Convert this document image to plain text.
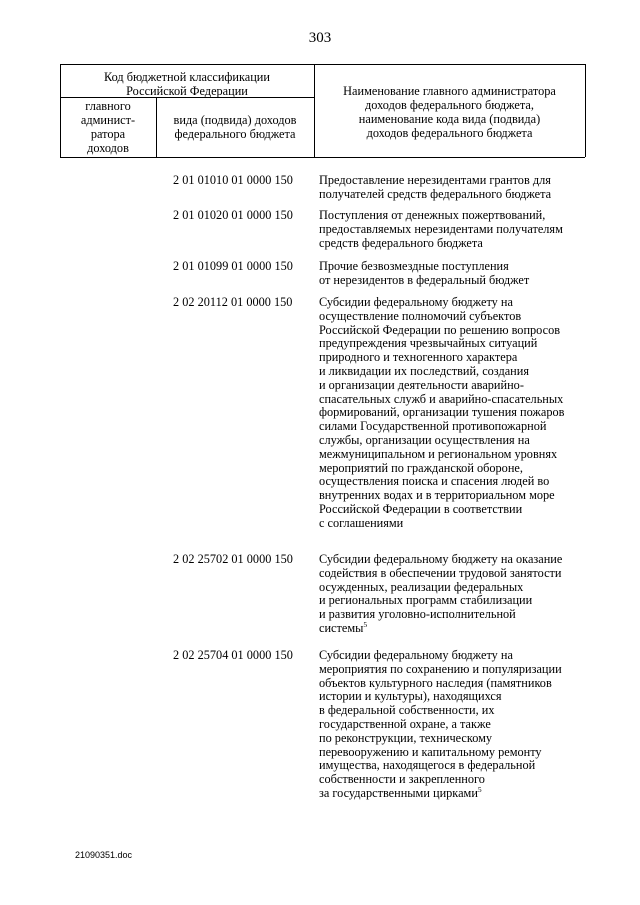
303
Код бюджетной классификации
Российской Федерации
главного
админист-
ратора
доходов
вида (подвида) доходов
федерального бюджета
Наименование главного администратора
доходов федерального бюджета,
наименование кода вида (подвида)
доходов федерального бюджета
2 01 01010 01 0000 150 Предоставление нерезидентами грантов для
получателей средств федерального бюджета
2 01 01020 01 0000 150 Поступления от денежных пожертвований,
предоставляемых нерезидентами получателям
средств федерального бюджета
2 01 01099 01 0000 150 Прочие безвозмездные поступления
от нерезидентов в федеральный бюджет
2 02 20112 01 0000 150 Субсидии федеральному бюджету на
осуществление полномочий субъектов
Российской Федерации по решению вопросов
предупреждения чрезвычайных ситуаций
природного и техногенного характера
и ликвидации их последствий, создания
и организации деятельности аварийно-
спасательных служб и аварийно-спасательных
формирований, организации тушения пожаров
силами Государственной противопожарной
службы, организации осуществления на
межмуниципальном и региональном уровнях
мероприятий по гражданской обороне,
осуществления поиска и спасения людей во
внутренних водах и в территориальном море
Российской Федерации в соответствии
с соглашениями
2 02 25702 01 0000 150 Субсидии федеральному бюджету на оказание
содействия в обеспечении трудовой занятости
осужденных, реализации федеральных
и региональных программ стабилизации
и развития уголовно-исполнительной
системы$^5$
2 02 25704 01 0000 150 Субсидии федеральному бюджету на
мероприятия по сохранению и популяризации
объектов культурного наследия (памятников
истории и культуры), находящихся
в федеральной собственности, их
государственной охране, а также
по реконструкции, техническому
перевооружению и капитальному ремонту
имущества, находящегося в федеральной
собственности и закрепленного
за государственными цирками$^5$
21090351.doc
